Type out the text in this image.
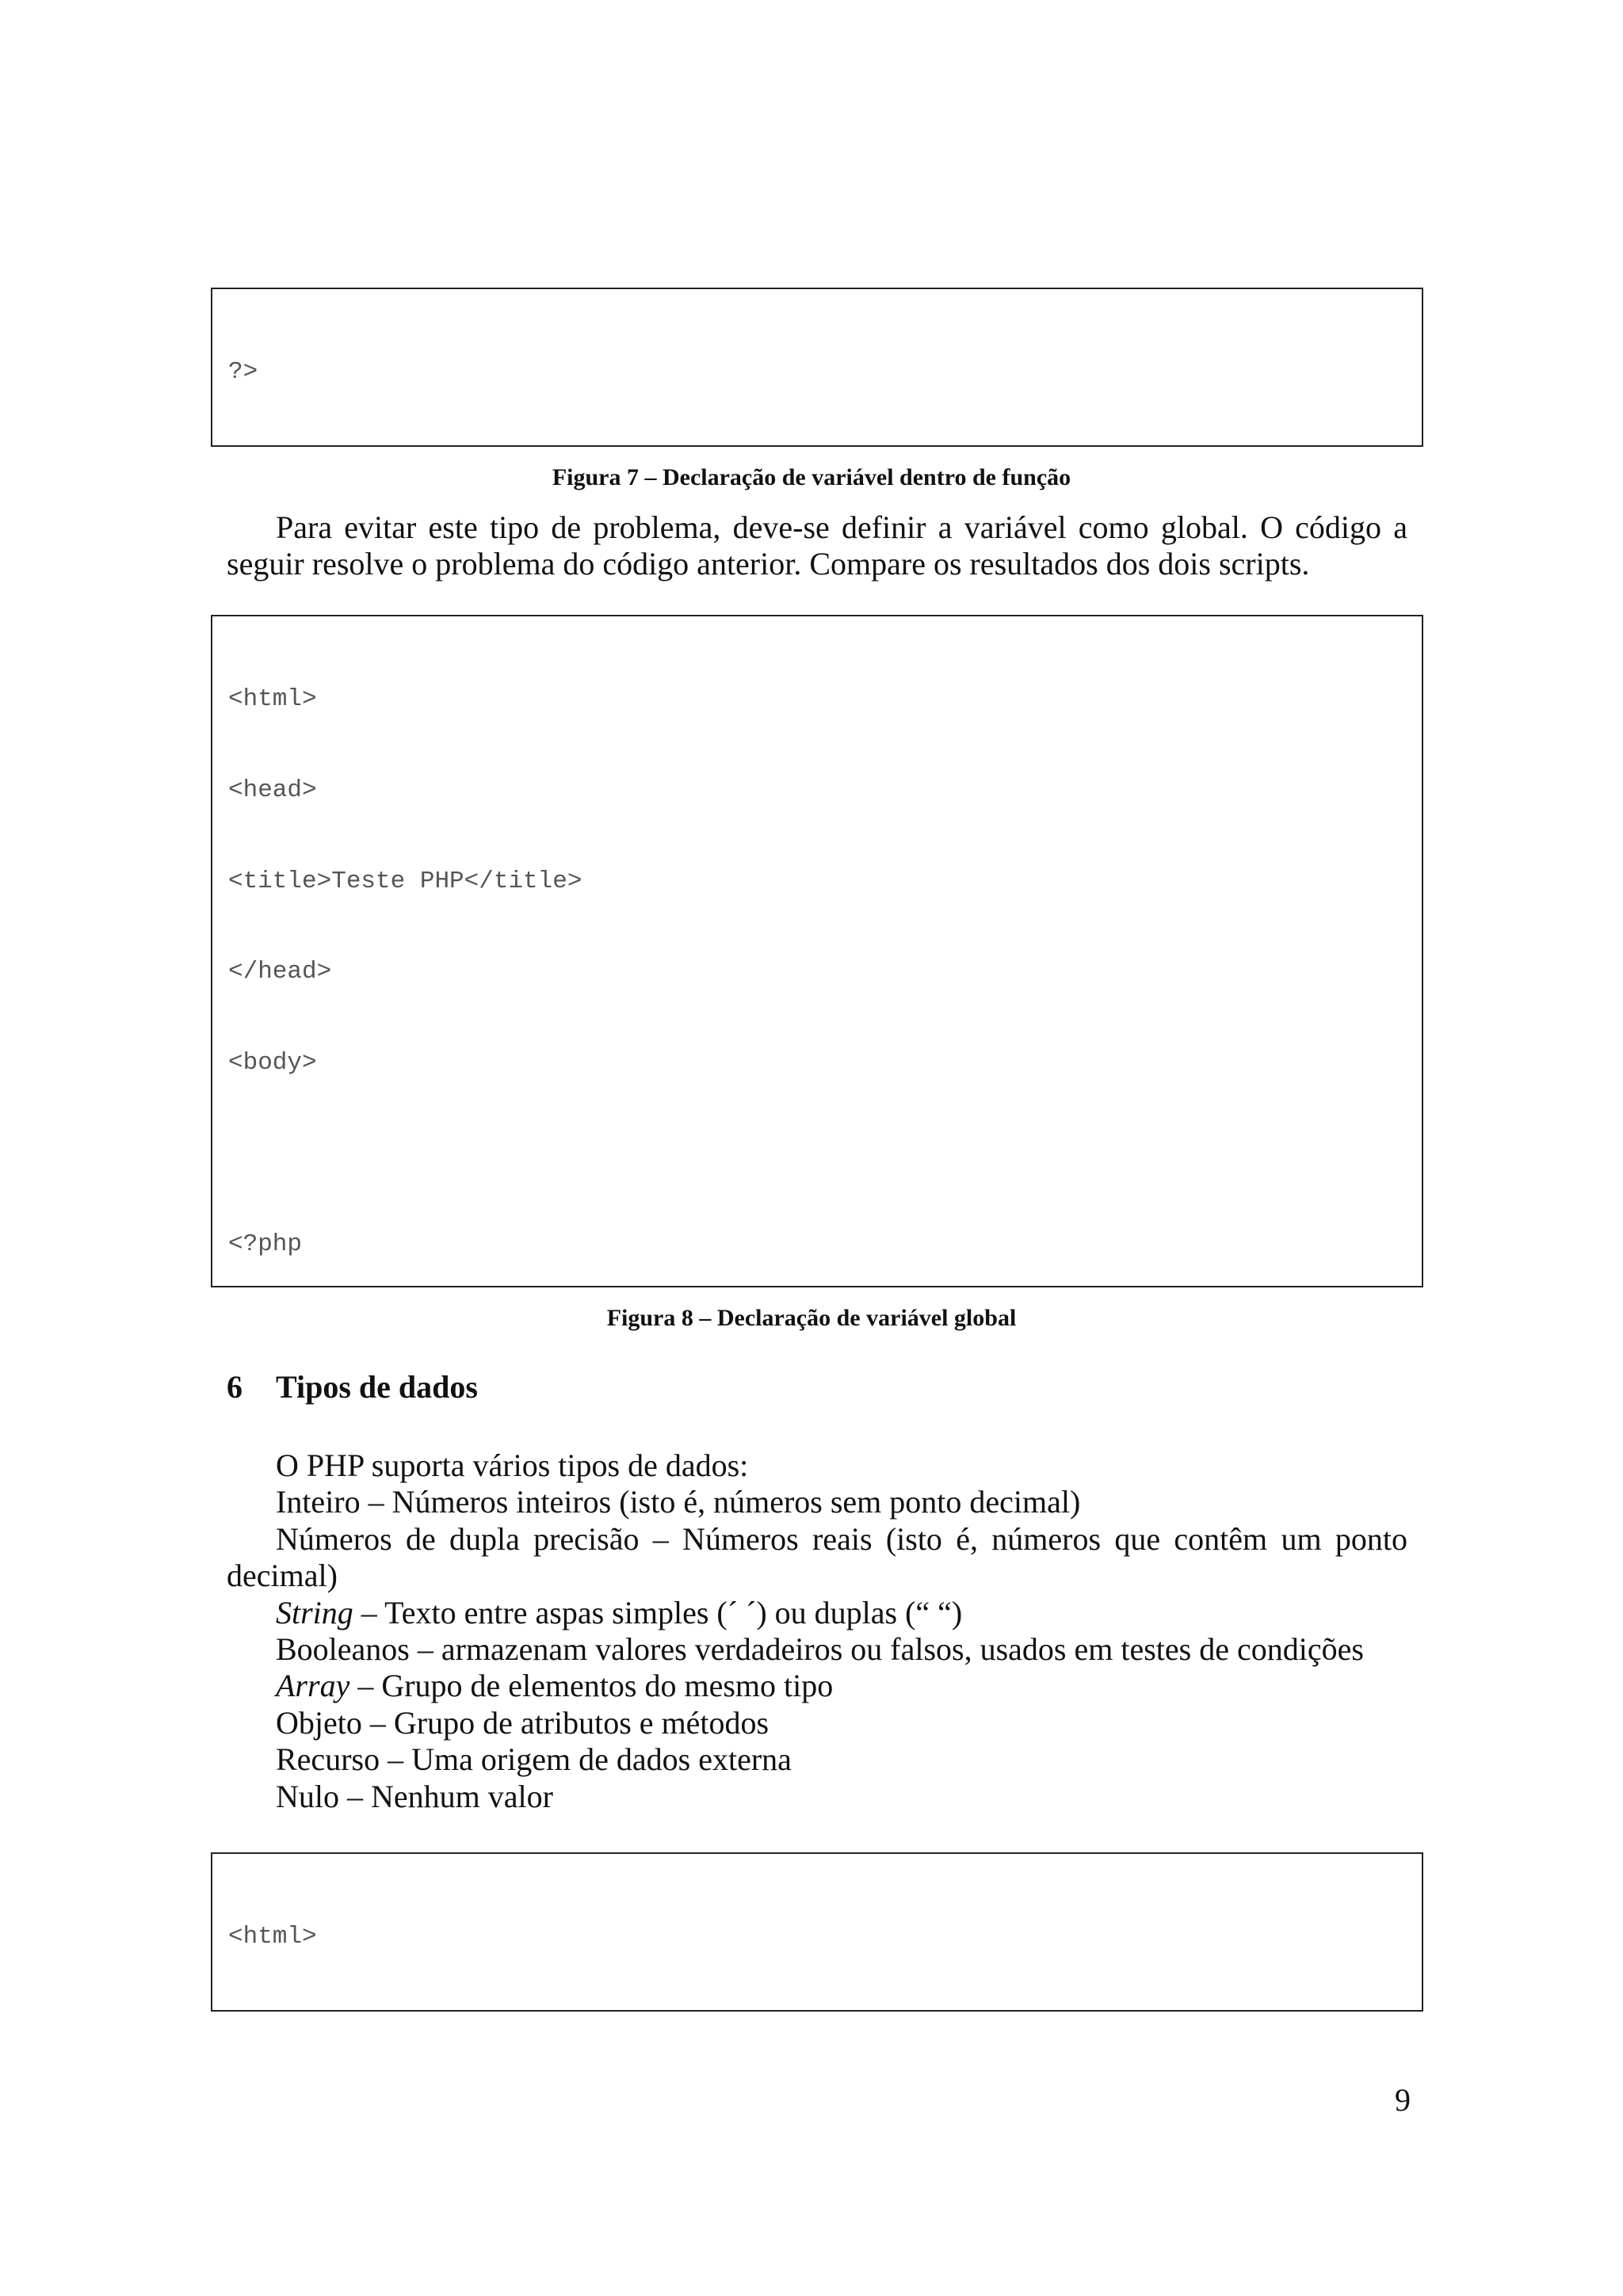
?>

Figura 7 – Declaração de variável dentro de função
Para evitar este tipo de problema, deve-se definir a variável como global. O código a
seguir resolve o problema do código anterior. Compare os resultados dos dois scripts.

<html>

<head>

<title>Teste PHP</title>

</head>

<body>

<?php

Figura 8 – Declaração de variável global
6 Tipos de dados
O PHP suporta vários tipos de dados:
Inteiro – Números inteiros (isto é, números sem ponto decimal)
Números de dupla precisão – Números reais (isto é, números que contêm um ponto
decimal)
String – Texto entre aspas simples (´ ´) ou duplas (“ “)
Booleanos – armazenam valores verdadeiros ou falsos, usados em testes de condições
Array – Grupo de elementos do mesmo tipo
Objeto – Grupo de atributos e métodos
Recurso – Uma origem de dados externa
Nulo – Nenhum valor

<html>

9
